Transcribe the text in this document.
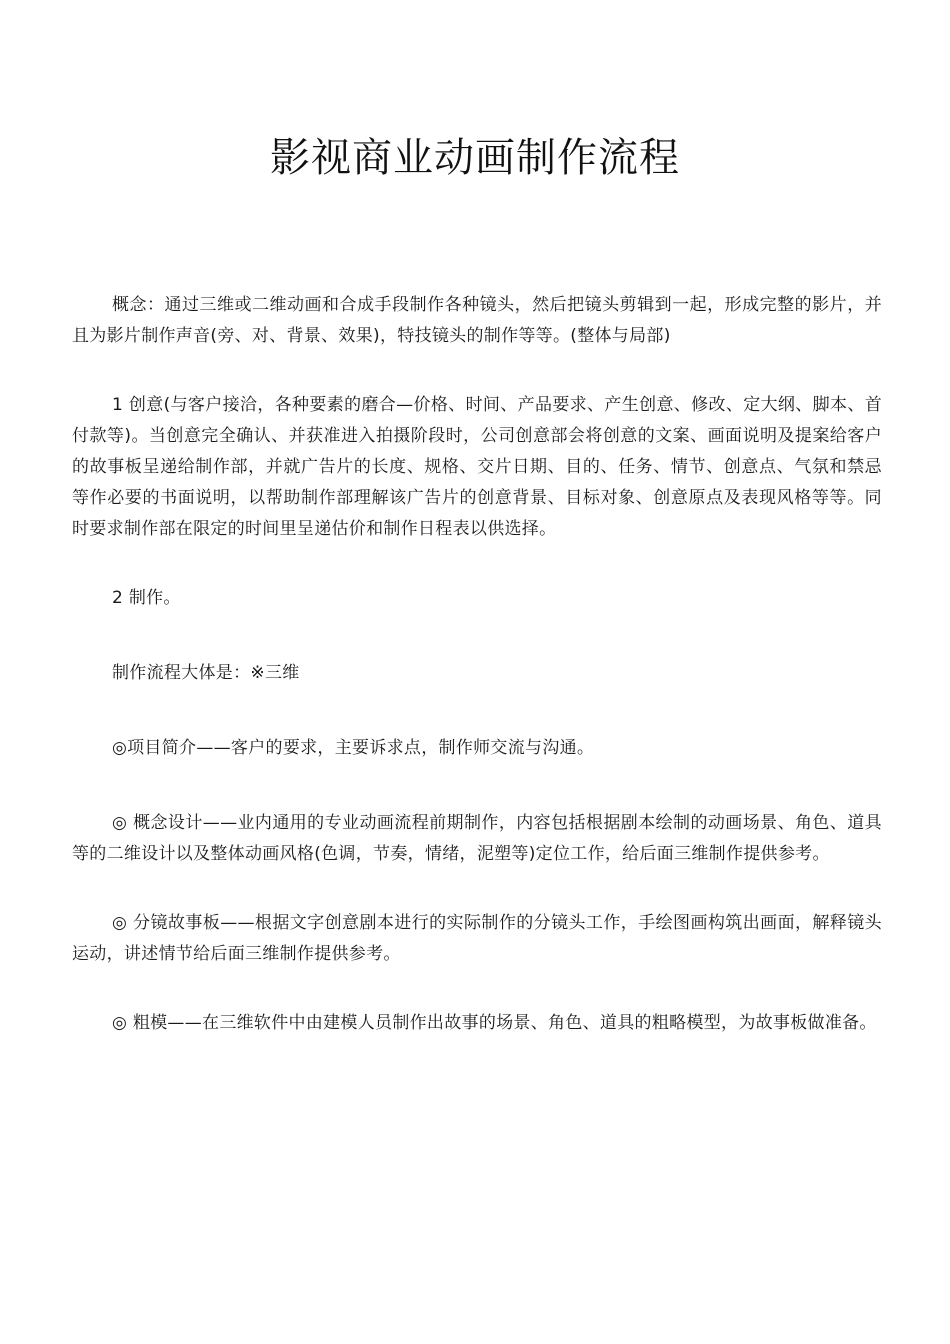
影视商业动画制作流程

概念：通过三维或二维动画和合成手段制作各种镜头，然后把镜头剪辑到一起，形成完整的影片，并且为影片制作声音(旁、对、背景、效果)，特技镜头的制作等等。(整体与局部)

1 创意(与客户接洽，各种要素的磨合—价格、时间、产品要求、产生创意、修改、定大纲、脚本、首付款等)。当创意完全确认、并获准进入拍摄阶段时，公司创意部会将创意的文案、画面说明及提案给客户的故事板呈递给制作部，并就广告片的长度、规格、交片日期、目的、任务、情节、创意点、气氛和禁忌等作必要的书面说明，以帮助制作部理解该广告片的创意背景、目标对象、创意原点及表现风格等等。同时要求制作部在限定的时间里呈递估价和制作日程表以供选择。

2 制作。

制作流程大体是：※三维

◎项目简介——客户的要求，主要诉求点，制作师交流与沟通。

◎ 概念设计——业内通用的专业动画流程前期制作，内容包括根据剧本绘制的动画场景、角色、道具等的二维设计以及整体动画风格(色调，节奏，情绪，泥塑等)定位工作，给后面三维制作提供参考。

◎ 分镜故事板——根据文字创意剧本进行的实际制作的分镜头工作，手绘图画构筑出画面，解释镜头运动，讲述情节给后面三维制作提供参考。

◎ 粗模——在三维软件中由建模人员制作出故事的场景、角色、道具的粗略模型，为故事板做准备。
